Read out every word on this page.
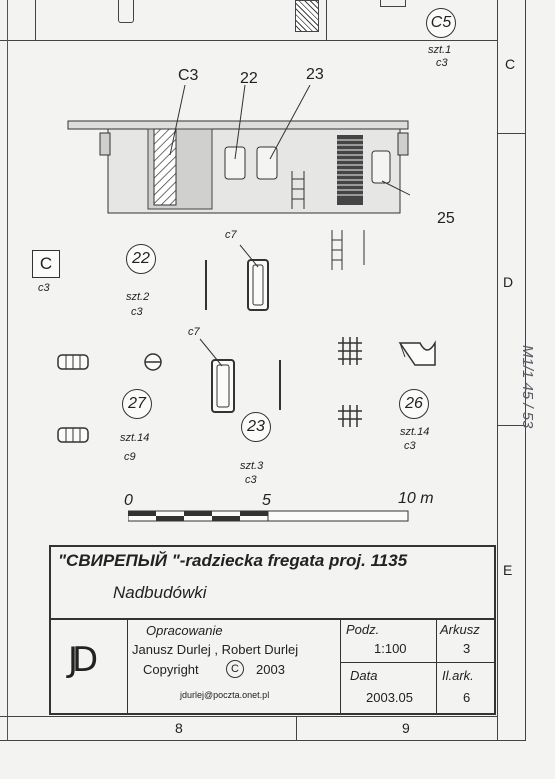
C
D
E
8	9
C3	22	23
25
C5
szt.1
c3
C
c3
22
szt.2
c3
27
szt.14
c9
23
szt.3
c3
26
szt.14
c3
c7
c7
0	5	10 m
"СВИРЕПЫЙ "-radziecka fregata proj. 1135
Nadbudówki
JD
Opracowanie
Janusz Durlej , Robert Durlej
Copyright	C	2003
jdurlej@poczta.onet.pl
Podz.
1:100
Arkusz
3
Data
2003.05
Il.ark.
6
M1/1 45 / 53
